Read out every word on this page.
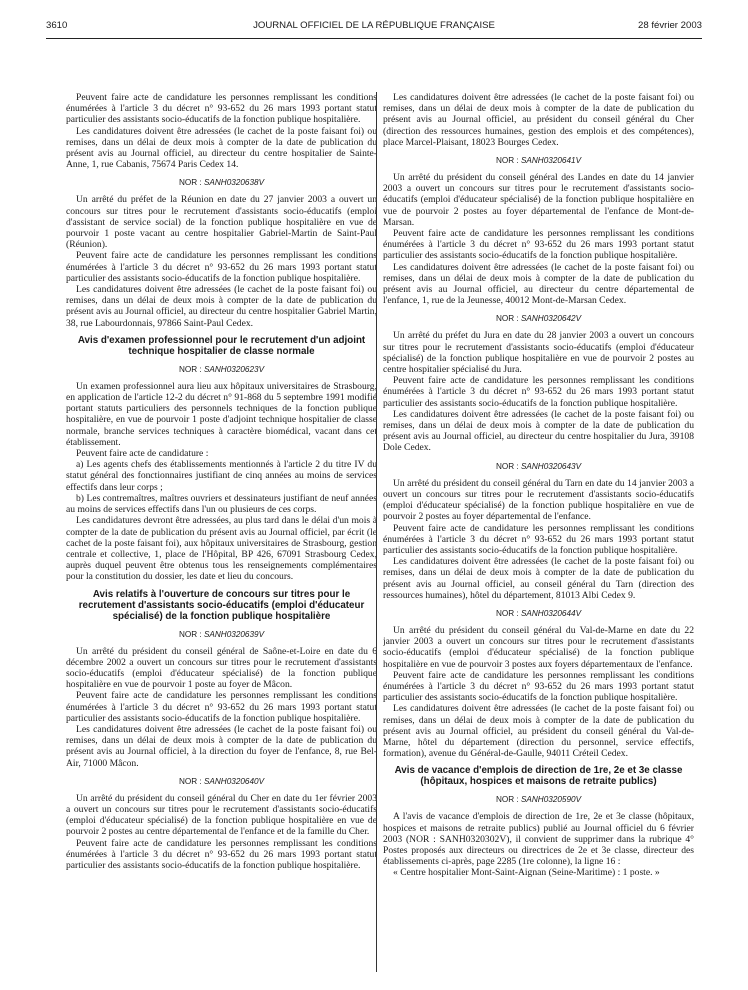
3610	JOURNAL OFFICIEL DE LA RÉPUBLIQUE FRANÇAISE	28 février 2003

Peuvent faire acte de candidature les personnes remplissant les conditions énumérées à l'article 3 du décret n° 93-652 du 26 mars 1993 portant statut particulier des assistants socio-éducatifs de la fonction publique hospitalière.

Les candidatures doivent être adressées (le cachet de la poste faisant foi) ou remises, dans un délai de deux mois à compter de la date de publication du présent avis au Journal officiel, au directeur du centre hospitalier de Sainte-Anne, 1, rue Cabanis, 75674 Paris Cedex 14.

NOR : SANH0320638V

Un arrêté du préfet de la Réunion en date du 27 janvier 2003 a ouvert un concours sur titres pour le recrutement d'assistants socio-éducatifs (emploi d'assistant de service social) de la fonction publique hospitalière en vue de pourvoir 1 poste vacant au centre hospitalier Gabriel-Martin de Saint-Paul (Réunion).

Peuvent faire acte de candidature les personnes remplissant les conditions énumérées à l'article 3 du décret n° 93-652 du 26 mars 1993 portant statut particulier des assistants socio-éducatifs de la fonction publique hospitalière.

Les candidatures doivent être adressées (le cachet de la poste faisant foi) ou remises, dans un délai de deux mois à compter de la date de publication du présent avis au Journal officiel, au directeur du centre hospitalier Gabriel Martin, 38, rue Labourdonnais, 97866 Saint-Paul Cedex.

Avis d'examen professionnel pour le recrutement d'un adjoint technique hospitalier de classe normale
NOR : SANH0320623V

Un examen professionnel aura lieu aux hôpitaux universitaires de Strasbourg, en application de l'article 12-2 du décret n° 91-868 du 5 septembre 1991 modifié portant statuts particuliers des personnels techniques de la fonction publique hospitalière, en vue de pourvoir 1 poste d'adjoint technique hospitalier de classe normale, branche services techniques à caractère biomédical, vacant dans cet établissement.

Peuvent faire acte de candidature :

a) Les agents chefs des établissements mentionnés à l'article 2 du titre IV du statut général des fonctionnaires justifiant de cinq années au moins de services effectifs dans leur corps ;

b) Les contremaîtres, maîtres ouvriers et dessinateurs justifiant de neuf années au moins de services effectifs dans l'un ou plusieurs de ces corps.

Les candidatures devront être adressées, au plus tard dans le délai d'un mois à compter de la date de publication du présent avis au Journal officiel, par écrit (le cachet de la poste faisant foi), aux hôpitaux universitaires de Strasbourg, gestion centrale et collective, 1, place de l'Hôpital, BP 426, 67091 Strasbourg Cedex, auprès duquel peuvent être obtenus tous les renseignements complémentaires pour la constitution du dossier, les date et lieu du concours.

Avis relatifs à l'ouverture de concours sur titres pour le recrutement d'assistants socio-éducatifs (emploi d'éducateur spécialisé) de la fonction publique hospitalière
NOR : SANH0320639V

Un arrêté du président du conseil général de Saône-et-Loire en date du 6 décembre 2002 a ouvert un concours sur titres pour le recrutement d'assistants socio-éducatifs (emploi d'éducateur spécialisé) de la fonction publique hospitalière en vue de pourvoir 1 poste au foyer de Mâcon.

Peuvent faire acte de candidature les personnes remplissant les conditions énumérées à l'article 3 du décret n° 93-652 du 26 mars 1993 portant statut particulier des assistants socio-éducatifs de la fonction publique hospitalière.

Les candidatures doivent être adressées (le cachet de la poste faisant foi) ou remises, dans un délai de deux mois à compter de la date de publication du présent avis au Journal officiel, à la direction du foyer de l'enfance, 8, rue Bel-Air, 71000 Mâcon.

NOR : SANH0320640V

Un arrêté du président du conseil général du Cher en date du 1er février 2003 a ouvert un concours sur titres pour le recrutement d'assistants socio-éducatifs (emploi d'éducateur spécialisé) de la fonction publique hospitalière en vue de pourvoir 2 postes au centre départemental de l'enfance et de la famille du Cher.

Peuvent faire acte de candidature les personnes remplissant les conditions énumérées à l'article 3 du décret n° 93-652 du 26 mars 1993 portant statut particulier des assistants socio-éducatifs de la fonction publique hospitalière.

Les candidatures doivent être adressées (le cachet de la poste faisant foi) ou remises, dans un délai de deux mois à compter de la date de publication du présent avis au Journal officiel, au président du conseil général du Cher (direction des ressources humaines, gestion des emplois et des compétences), place Marcel-Plaisant, 18023 Bourges Cedex.

NOR : SANH0320641V

Un arrêté du président du conseil général des Landes en date du 14 janvier 2003 a ouvert un concours sur titres pour le recrutement d'assistants socio-éducatifs (emploi d'éducateur spécialisé) de la fonction publique hospitalière en vue de pourvoir 2 postes au foyer départemental de l'enfance de Mont-de-Marsan.

Peuvent faire acte de candidature les personnes remplissant les conditions énumérées à l'article 3 du décret n° 93-652 du 26 mars 1993 portant statut particulier des assistants socio-éducatifs de la fonction publique hospitalière.

Les candidatures doivent être adressées (le cachet de la poste faisant foi) ou remises, dans un délai de deux mois à compter de la date de publication du présent avis au Journal officiel, au directeur du centre départemental de l'enfance, 1, rue de la Jeunesse, 40012 Mont-de-Marsan Cedex.

NOR : SANH0320642V

Un arrêté du préfet du Jura en date du 28 janvier 2003 a ouvert un concours sur titres pour le recrutement d'assistants socio-éducatifs (emploi d'éducateur spécialisé) de la fonction publique hospitalière en vue de pourvoir 2 postes au centre hospitalier spécialisé du Jura.

Peuvent faire acte de candidature les personnes remplissant les conditions énumérées à l'article 3 du décret n° 93-652 du 26 mars 1993 portant statut particulier des assistants socio-éducatifs de la fonction publique hospitalière.

Les candidatures doivent être adressées (le cachet de la poste faisant foi) ou remises, dans un délai de deux mois à compter de la date de publication du présent avis au Journal officiel, au directeur du centre hospitalier du Jura, 39108 Dole Cedex.

NOR : SANH0320643V

Un arrêté du président du conseil général du Tarn en date du 14 janvier 2003 a ouvert un concours sur titres pour le recrutement d'assistants socio-éducatifs (emploi d'éducateur spécialisé) de la fonction publique hospitalière en vue de pourvoir 2 postes au foyer départemental de l'enfance.

Peuvent faire acte de candidature les personnes remplissant les conditions énumérées à l'article 3 du décret n° 93-652 du 26 mars 1993 portant statut particulier des assistants socio-éducatifs de la fonction publique hospitalière.

Les candidatures doivent être adressées (le cachet de la poste faisant foi) ou remises, dans un délai de deux mois à compter de la date de publication du présent avis au Journal officiel, au conseil général du Tarn (direction des ressources humaines), hôtel du département, 81013 Albi Cedex 9.

NOR : SANH0320644V

Un arrêté du président du conseil général du Val-de-Marne en date du 22 janvier 2003 a ouvert un concours sur titres pour le recrutement d'assistants socio-éducatifs (emploi d'éducateur spécialisé) de la fonction publique hospitalière en vue de pourvoir 3 postes aux foyers départementaux de l'enfance.

Peuvent faire acte de candidature les personnes remplissant les conditions énumérées à l'article 3 du décret n° 93-652 du 26 mars 1993 portant statut particulier des assistants socio-éducatifs de la fonction publique hospitalière.

Les candidatures doivent être adressées (le cachet de la poste faisant foi) ou remises, dans un délai de deux mois à compter de la date de publication du présent avis au Journal officiel, au président du conseil général du Val-de-Marne, hôtel du département (direction du personnel, service effectifs, formation), avenue du Général-de-Gaulle, 94011 Créteil Cedex.

Avis de vacance d'emplois de direction de 1re, 2e et 3e classe (hôpitaux, hospices et maisons de retraite publics)
NOR : SANH0320590V

A l'avis de vacance d'emplois de direction de 1re, 2e et 3e classe (hôpitaux, hospices et maisons de retraite publics) publié au Journal officiel du 6 février 2003 (NOR : SANH0320302V), il convient de supprimer dans la rubrique 4° Postes proposés aux directeurs ou directrices de 2e et 3e classe, directeur des établissements ci-après, page 2285 (1re colonne), la ligne 16 :

« Centre hospitalier Mont-Saint-Aignan (Seine-Maritime) : 1 poste. »
